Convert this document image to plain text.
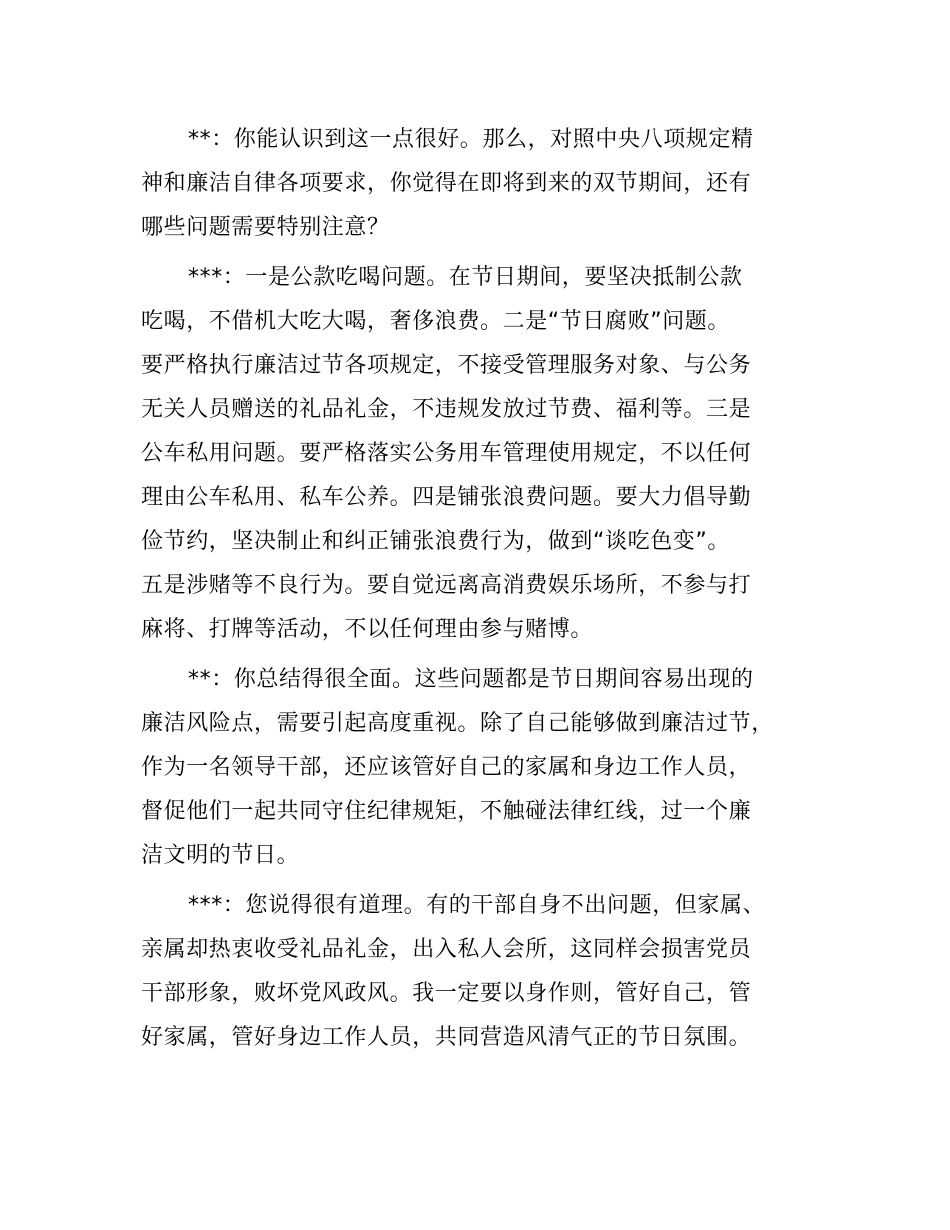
**：你能认识到这一点很好。那么，对照中央八项规定精
神和廉洁自律各项要求，你觉得在即将到来的双节期间，还有
哪些问题需要特别注意？
***：一是公款吃喝问题。在节日期间，要坚决抵制公款
吃喝，不借机大吃大喝，奢侈浪费。二是“节日腐败”问题。
要严格执行廉洁过节各项规定，不接受管理服务对象、与公务
无关人员赠送的礼品礼金，不违规发放过节费、福利等。三是
公车私用问题。要严格落实公务用车管理使用规定，不以任何
理由公车私用、私车公养。四是铺张浪费问题。要大力倡导勤
俭节约，坚决制止和纠正铺张浪费行为，做到“谈吃色变”。
五是涉赌等不良行为。要自觉远离高消费娱乐场所，不参与打
麻将、打牌等活动，不以任何理由参与赌博。
**：你总结得很全面。这些问题都是节日期间容易出现的
廉洁风险点，需要引起高度重视。除了自己能够做到廉洁过节，
作为一名领导干部，还应该管好自己的家属和身边工作人员，
督促他们一起共同守住纪律规矩，不触碰法律红线，过一个廉
洁文明的节日。
***：您说得很有道理。有的干部自身不出问题，但家属、
亲属却热衷收受礼品礼金，出入私人会所，这同样会损害党员
干部形象，败坏党风政风。我一定要以身作则，管好自己，管
好家属，管好身边工作人员，共同营造风清气正的节日氛围。
